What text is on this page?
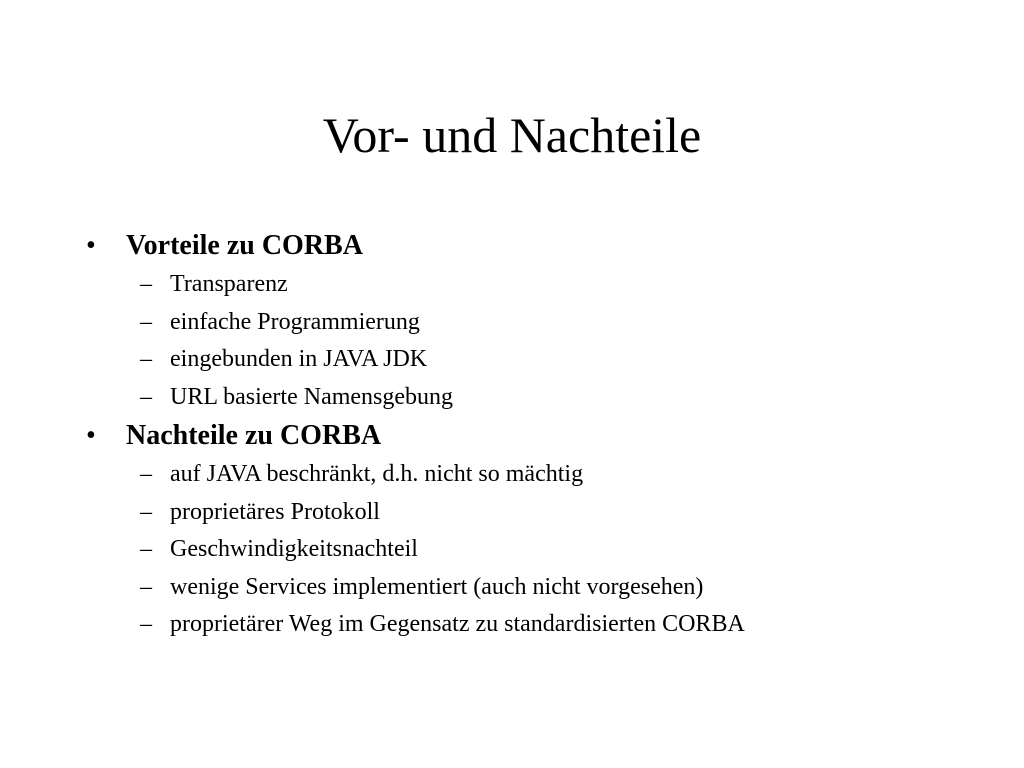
Vor- und Nachteile
• Vorteile zu CORBA
– Transparenz
– einfache Programmierung
– eingebunden in JAVA JDK
– URL basierte Namensgebung
• Nachteile zu CORBA
– auf JAVA beschränkt, d.h. nicht so mächtig
– proprietäres Protokoll
– Geschwindigkeitsnachteil
– wenige Services implementiert (auch nicht vorgesehen)
– proprietärer Weg im Gegensatz zu standardisierten CORBA
